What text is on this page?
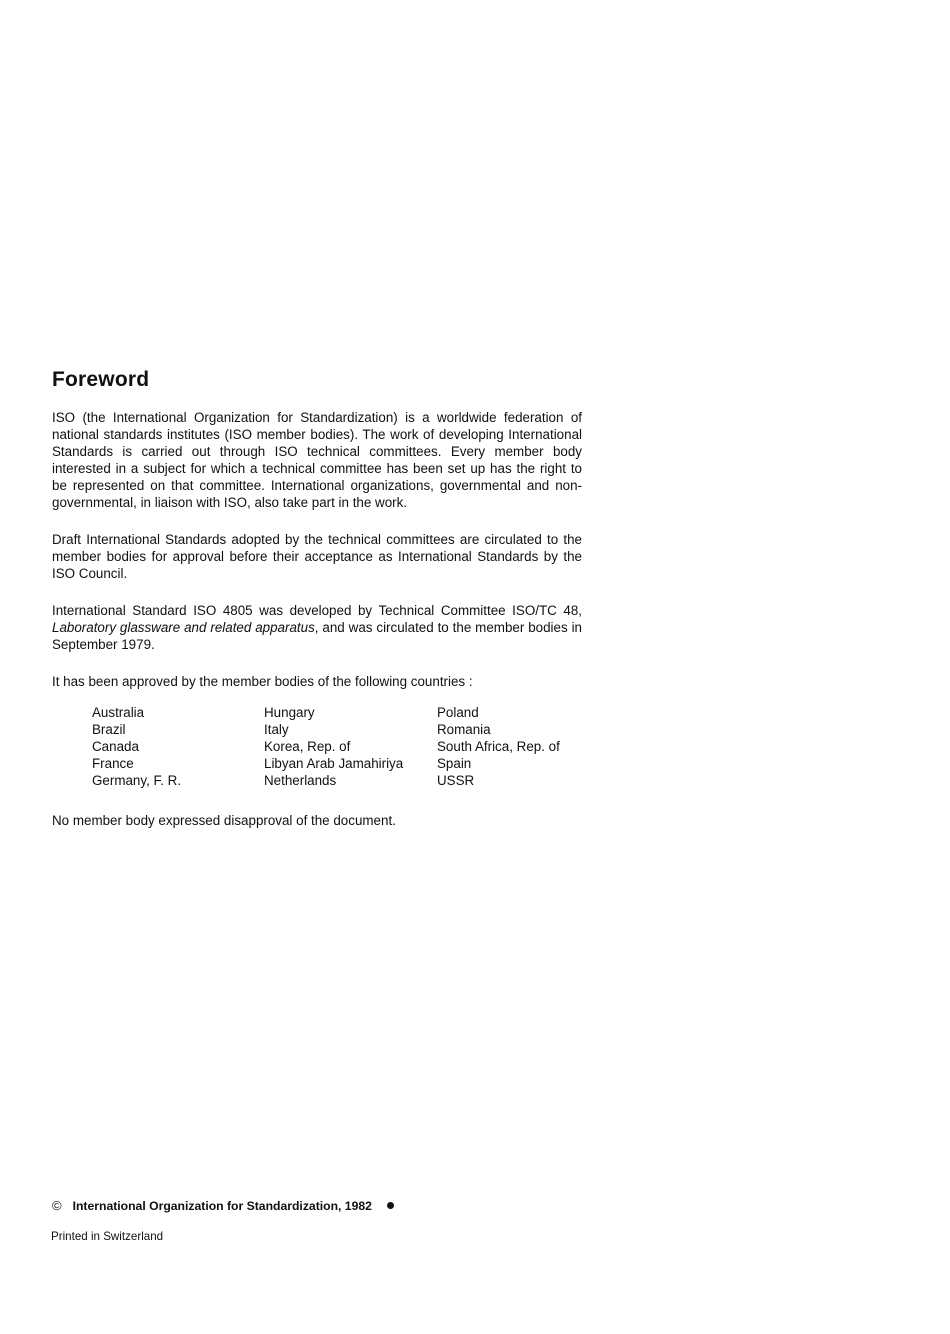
Foreword

ISO (the International Organization for Standardization) is a worldwide federation of national standards institutes (ISO member bodies). The work of developing International Standards is carried out through ISO technical committees. Every member body interested in a subject for which a technical committee has been set up has the right to be represented on that committee. International organizations, governmental and non-governmental, in liaison with ISO, also take part in the work.

Draft International Standards adopted by the technical committees are circulated to the member bodies for approval before their acceptance as International Standards by the ISO Council.

International Standard ISO 4805 was developed by Technical Committee ISO/TC 48, Laboratory glassware and related apparatus, and was circulated to the member bodies in September 1979.

It has been approved by the member bodies of the following countries :

Australia
Brazil
Canada
France
Germany, F. R.
Hungary
Italy
Korea, Rep. of
Libyan Arab Jamahiriya
Netherlands
Poland
Romania
South Africa, Rep. of
Spain
USSR

No member body expressed disapproval of the document.

© International Organization for Standardization, 1982
Printed in Switzerland
